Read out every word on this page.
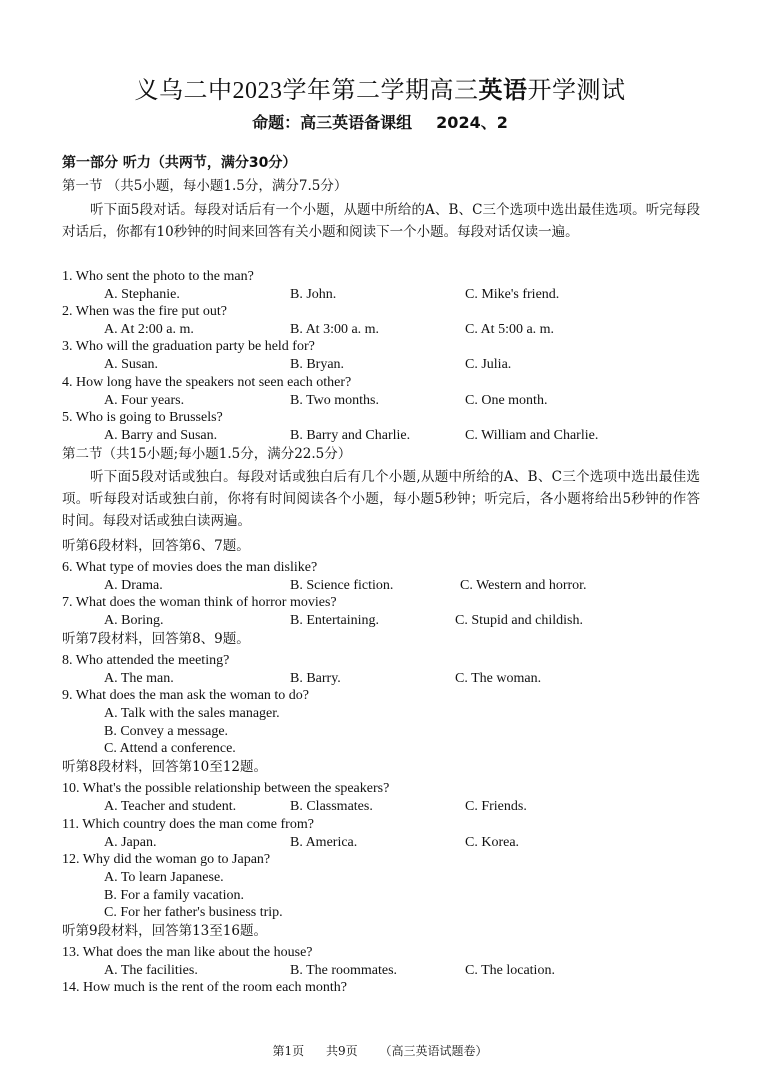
义乌二中2023学年第二学期高三英语开学测试
命题：高三英语备课组 2024、2
第一部分 听力（共两节，满分30分）
第一节 （共5小题，每小题1.5分，满分7.5分）
听下面5段对话。每段对话后有一个小题，从题中所给的A、B、C三个选项中选出最佳选项。听完每段对话后，你都有10秒钟的时间来回答有关小题和阅读下一个小题。每段对话仅读一遍。
1. Who sent the photo to the man?
A. Stephanie.	B. John.	C. Mike's friend.
2. When was the fire put out?
A. At 2:00 a. m.	B. At 3:00 a. m.	C. At 5:00 a. m.
3. Who will the graduation party be held for?
A. Susan.	B. Bryan.	C. Julia.
4. How long have the speakers not seen each other?
A. Four years.	B. Two months.	C. One month.
5. Who is going to Brussels?
A. Barry and Susan.	B. Barry and Charlie.	C. William and Charlie.
第二节（共15小题;每小题1.5分，满分22.5分）
听下面5段对话或独白。每段对话或独白后有几个小题,从题中所给的A、B、C三个选项中选出最佳选项。听每段对话或独白前，你将有时间阅读各个小题，每小题5秒钟；听完后，各小题将给出5秒钟的作答时间。每段对话或独白读两遍。
听第6段材料，回答第6、7题。
6. What type of movies does the man dislike?
A. Drama.	B. Science fiction.	C. Western and horror.
7. What does the woman think of horror movies?
A. Boring.	B. Entertaining.	C. Stupid and childish.
听第7段材料，回答第8、9题。
8. Who attended the meeting?
A. The man.	B. Barry.	C. The woman.
9. What does the man ask the woman to do?
A. Talk with the sales manager.
B. Convey a message.
C. Attend a conference.
听第8段材料，回答第10至12题。
10. What's the possible relationship between the speakers?
A. Teacher and student.	B. Classmates.	C. Friends.
11. Which country does the man come from?
A. Japan.	B. America.	C. Korea.
12. Why did the woman go to Japan?
A. To learn Japanese.
B. For a family vacation.
C. For her father's business trip.
听第9段材料，回答第13至16题。
13. What does the man like about the house?
A. The facilities.	B. The roommates.	C. The location.
14. How much is the rent of the room each month?
第1页 共9页 （高三英语试题卷）
